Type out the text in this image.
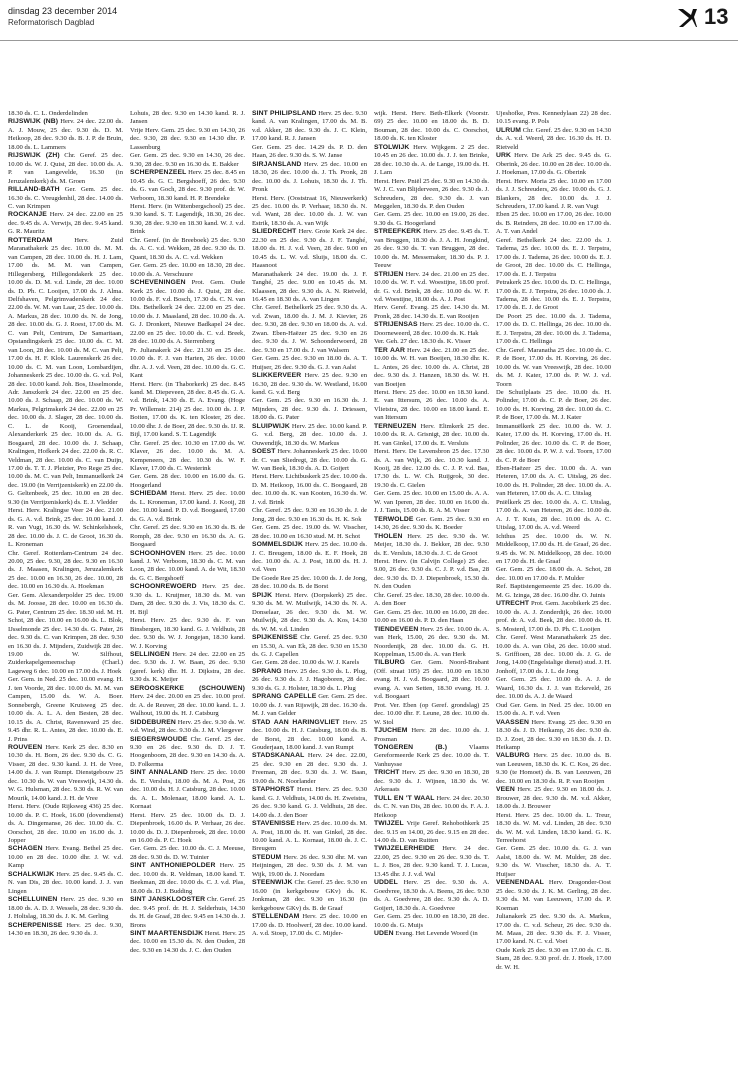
dinsdag 23 december 2014
Reformatorisch Dagblad	13

18.30 ds. C. L. Onderdelinden

RIJSWIJK (NB) Herv. 24 dec. 22.00 ds. A. J. Mouw, 25 dec. 9.30 ds. D. M. Heikoop, 28 dec. 9.30 ds. B. J. P. de Bruin, 18.00 ds. L. Lammers

RIJSWIJK (ZH) Chr. Geref. 25 dec. 10.00 ds. W. J. Quist, 28 dec. 10.00 ds. A. P. van Langevelde, 16.30 (in Jeruzalemkerk) ds. M. Groen

RILLAND-BATH Ger. Gem. 25 dec. 16.30 ds. C. Vreugdenhil, 28 dec. 14.00 ds. C. van Krimpen

ROCKANJE Herv. 24 dec. 22.00 en 25 dec. 9.45 ds. A. Verwijs, 28 dec. 9.45 kand. G. R. Mauritz

ROTTERDAM	Herv. Zuid Maranathakerk 25 dec. 10.00 ds. M. M. van Campen, 28 dec. 10.00 ds. H. J. Lam, 17.00 ds. M. M. van Campen, Hillegersberg, Hillegondakerk 25 dec. 10.00 ds. D. M. v.d. Linde, 28 dec. 10.00 ds. D. Ph. C. Looijen, 17.00 ds. J. Alma. Delfshaven, Pelgrimvaderskerk 24 dec. 22.00 ds. W. M. van Laar, 25 dec. 10.00 ds. A. Markus, 28 dec. 10.00 ds. N. de Jong, 28 dec. 10.00 ds. G. J. Roest, 17.00 ds. M. C. van Pelt, Centrum, De Samaritaan, Opstandingskerk 25 dec. 10.00 ds. C. M. van Loon, 28 dec. 10.00 ds. M. C. van Pelt, 17.00 ds. H. F. Klok. Laurenskerk 26 dec. 10.00 ds. C. M. van Loon, Lombardijen, Johanneskerk 25 dec. 10.00 ds. G. v.d. Pol, 28 dec. 10.00 kand. Joh. Bos, IJsselmonde, Adr. Janszkerk 24 dec. 22.00 en 25 dec. 10.00 ds. J. Schaap, 28 dec. 10.00 ds. W. Markus, Pelgrimskerk 24 dec. 22.00 en 25 dec. 10.00 ds. J. Slager, 28 dec. 10.00 ds. C. L. de Kooij, Groenendaal, Alexanderkerk 25 dec. 10.00 ds. A. G. Bosgaard, 28 dec. 10.00 ds. J. Schaap, Kralingen, Hofkerk 24 dec. 22.00 ds. R. C. Veldman, 28 dec. 10.00 ds. C. van Duijn, 17.00 ds. T. T. J. Pleizier, Pro Rege 25 dec. 10.00 ds. M. C. van Pelt, Immanuelkerk 24 dec. 19.00 (in Verrijzeniskerk) en 22.00 ds. G. Geltenbeek, 25 dec. 10.00 en 28 dec. 9.30 (in Verrijzeniskerk) ds. E. J. Vledder

Herst. Herv. Kralingse Veer 24 dec. 21.00 ds. G. A. v.d. Brink, 25 dec. 10.00 kand. J. R. van Vugt, 16.30 ds. W. Schinkelshoek, 28 dec. 10.00 ds. J. C. de Groot, 16.30 ds. L. Kroneman

Chr. Geref. Rotterdam-Centrum 24 dec. 20.00, 25 dec. 9.30, 28 dec. 9.30 en 16.30 ds. J. Maasen, Kralingen, Jeruzalemkerk 25 dec. 10.00 en 16.30, 26 dec. 10.00, 28 dec. 10.00 en 16.30 ds. A. Hoekman

Ger. Gem. Alexanderpolder 25 dec. 19.00 ds. M. Joosse, 28 dec. 10.00 en 16.30 ds. G. Pater, Centrum 25 dec. 18.30 std. M. H. Schot, 28 dec. 10.00 en 16.00 ds. L. Blok, IJsselmonde 25 dec. 14.30 ds. G. Pater, 26 dec. 9.30 ds. C. van Krimpen, 28 dec. 9.30 en 16.30 ds. J. Mijnders, Zuidwijk 28 dec. 19.00 ds. W. Silfhout, Zuiderkapelgemeenschap (Charl.) Lageweg 6 dec. 10.00 en 17.00 ds. J. Hoek

Ger. Gem. in Ned. 25 dec. 10.00 evang. H. J. ten Voorde, 28 dec. 10.00 ds. M. M. van Campen, 15.00 ds. W. A. Boer. Sonnebergh, Greene Kruisweg 25 dec. 10.00 ds. A. L. A. den Besten, 28 dec. 10.15 ds. A. Christ, Ravensward 25 dec. 9.45 dhr. R. L. Antes, 28 dec. 10.00 ds. E. J. Prins

ROUVEEN Herv. Kerk 25 dec. 8.30 en 10.30 ds. H. Born, 26 dec. 9.30 ds. C. G. Visser, 28 dec. 9.30 kand. J. H. de Vree, 14.00 ds. J. van Rumpt. Dienstgebouw 25 dec. 10.30 ds. W. van Vreeswijk, 14.30 ds. W. G. Hulsman, 28 dec. 9.30 ds. R. W. van Mourik, 14.00 kand. J. H. de Vree

Herst. Herv. (Oude Rijksweg 436) 25 dec. 10.00 ds. P. C. Hoek, 16.00 (dovendienst) ds. A. Dingemanse, 26 dec. 10.00 ds. C. Oorschot, 28 dec. 10.00 en 16.00 ds. J. Jopper

SCHAGEN Herv. Evang. Bethel 25 dec. 10.00 en 28 dec. 10.00 dhr. J. W. v.d. Kamp

SCHALKWIJK Herv. 25 dec. 9.45 ds. C. N. van Dis, 28 dec. 10.00 kand. J. J. van Lingen

SCHELLUINEN Herv. 25 dec. 9.30 en 18.00 ds. A. D. J. Wessels, 28 dec. 9.30 ds. J. Holtslag, 18.30 ds. J. K. M. Gerling

SCHERPENISSE Herv. 25 dec. 9.30, 14.30 en 18.30, 26 dec. 9.30 ds. J.

Lohuis, 28 dec. 9.30 en 14.30 kand. R. J. Jansen

Vrije Herv. Gem. 25 dec. 9.30 en 14.30, 26 dec. 9.30, 28 dec. 9.30 en 14.30 dhr. P. Lassenburg

Ger. Gem. 25 dec. 9.30 en 14.30, 26 dec. 9.30, 28 dec. 9.30 en 16.30 ds. E. Bakker

SCHERPENZEEL Herv. 25 dec. 8.45 en 10.45 ds. G. C. Bergshoeff, 26 dec. 9.30 ds. G. van Goch, 28 dec. 9.30 prof. dr. W. Verboom, 18.30 kand. H. P. Brendeke

Herst. Herv. (in Wittenbergschool) 25 dec. 9.30 kand. S. T. Lagendijk, 18.30, 26 dec. 9.30, 28 dec. 9.30 en 18.30 kand. W. J. v.d. Brink

Chr. Geref. (in de Breeboek) 25 dec. 9.30 ds. A. C. v.d. Wekken, 28 dec. 9.30 ds. D. Quant, 18.30 ds. A. C. v.d. Wekken

Ger. Gem. 25 dec. 10.00 en 18.30, 28 dec. 10.00 ds. A. Verschuure

SCHEVENINGEN Prot. Gem. Oude Kerk 25 dec. 10.00 ds. J. Quist, 28 dec. 10.00 ds. F. v.d. Bosch, 17.30 ds. C. N. van Dis. Bethelkerk 24 dec. 22.00 en 25 dec. 10.00 ds. J. Maasland, 28 dec. 10.00 ds. A. G. J. Dronkert, Nieuwe Badkapel 24 dec. 22.00 en 25 dec. 10.00 ds. C. v.d. Breek, 28 dec. 10.00 ds. A. Sterrenberg

Pr. Julianakerk 24 dec. 21.30 en 25 dec. 10.00 ds. F. J. van Harten, 26 dec. 10.00 dhr. A. J. v.d. Veen, 28 dec. 10.00 ds. G. C. Kant

Herst. Herv. (in Thaborkerk) 25 dec. 8.45 kand. M. Diepeveen, 28 dec. 8.45 ds. G. A. v.d. Brink, 14.30 ds. E. A. Evang. (Hoge Pr. Willemstr. 214) 25 dec. 10.00 ds. J. P. Boiten, 17.00 ds. K. ten Kloster, 26 dec. 10.00 dhr. J. de Boer, 28 dec. 9.30 ds. IJ. R. Bijl, 17.00 kand. S. T. Lagendijk

Chr. Geref. 25 dec. 10.30 en 17.00 ds. W. Klaver, 26 dec. 10.00 ds. M. A. Kempeneers, 28 dec. 10.30 ds. W. F. Klaver, 17.00 ds. C. Westerink

Ger. Gem. 28 dec. 10.00 en 16.00 ds. G. Hoogerland

SCHIEDAM Herst. Herv. 25 dec. 10.00 ds. L. Kroneman, 17.00 kand. J. Kooij, 28 dec. 10.00 kand. P. D. v.d. Boogaard, 17.00 ds. G. A. v.d. Brink

Chr. Geref. 25 dec. 9.30 en 16.30 ds. B. de Romph, 28 dec. 9.30 en 16.30 ds. A. G. Boogaard

SCHOONHOVEN Herv. 25 dec. 10.00 kand. J. W. Verboom, 18.30 ds. C. M. van Loon, 28 dec. 10.00 kand. A. de Wit, 18.30 ds. G. C. Bergshoeff

SCHOONREWOERD Herv. 25 dec. 9.30 ds. L. Kruijmer, 18.30 ds. M. van Dam, 28 dec. 9.30 ds. J. Vis, 18.30 ds. C. H. Bijl

Herst. Herv. 25 dec. 9.30 ds. F. van Binsbergen, 18.30 kand. G. J. Veldhuis, 28 dec. 9.30 ds. W. J. Jongejan, 18.30 kand. W. J. Korving

SELLINGEN Herv. 24 dec. 22.00 en 25 dec. 9.30 ds. J. W. Baan, 26 dec. 9.30 (geref. kerk) dhr. H. J. Dijkstra, 28 dec. 9.30 ds. K. Meijer

SEROOSKERKE (SCHOUWEN) Herv. 24 dec. 20.00 en 25 dec. 10.00 prof. dr. A. de Reuver, 28 dec. 10.00 kand. L. J. Walhout, 19.00 ds. H. J. Catsburg

SIDDEBUREN Herv. 25 dec. 9.30 ds. W. v.d. Wind, 28 dec. 9.30 ds. J. M. Vlergever

SIEGERSWOUDE Chr. Geref. 25 dec. 9.30 en 26 dec. 9.30 ds. D. J. T. Hoogenboom, 28 dec. 9.30 en 14.30 ds. A. D. Folkerma

SINT ANNALAND Herv. 25 dec. 10.00 ds. E. Versluis, 18.00 ds. M. A. Post, 26 dec. 10.00 ds. H. J. Catsburg, 28 dec. 10.00 ds. A. L. Molenaar, 18.00 kand. A. L. Kornaat

Herst. Herv. 25 dec. 10.00 ds. D. J. Diepenbroek, 16.00 ds. P. Verhaar, 26 dec. 10.00 ds. D. J. Diepenbroek, 28 dec. 10.00 en 16.00 ds. P. C. Hoek

Ger. Gem. 25 dec. 10.00 ds. C. J. Meeuse, 28 dec. 9.30 ds. D. W. Tuinier

SINT ANTHONIEPOLDER Herv. 25 dec. 10.00 ds. R. Veldman, 18.00 kand. T. Beekman, 28 dec. 10.00 ds. C. J. v.d. Plas, 18.00 ds. D. J. Budding

SINT JANSKLOOSTER Chr. Geref. 25 dec. 9.45 prof. dr. H. J. Selderhuis, 14.30 ds. H. de Graaf, 28 dec. 9.45 en 14.30 ds. J. Brons

SINT MAARTENSDIJK Herst. Herv. 25 dec. 10.00 en 15.30 ds. N. den Ouden, 28 dec. 9.30 en 14.30 ds. J. C. den Ouden

SINT PHILIPSLAND Herv. 25 dec. 9.30 kand. A. van Kralingen, 17.00 ds. M. B. v.d. Akker, 28 dec. 9.30 ds. J. C. Klein, 17.00 kand. R. J. Jansen

Ger. Gem. 25 dec. 14.29 ds. P. D. den Haan, 26 dec. 9.30 ds. S. W. Janse

SIRJANSLAND Herv. 25 dec. 10.00 en 18.30, 26 dec. 10.00 ds. J. Th. Pronk, 28 dec. 10.00 ds. J. Lohuis, 18.30 ds. J. Th. Pronk

Herst. Herv. (Ooststraat 16, Nieuwerkerk) 25 dec. 10.00 ds. P. Verhaar, 18.30 ds. N. v.d. Want, 28 dec. 10.00 ds. J. W. van Estrik, 18.30 ds. A. van Wijk

SLIEDRECHT Herv. Grote Kerk 24 dec. 22.30 en 25 dec. 9.30 ds. J. F. Tanghé, 18.00 ds. H. J. v.d. Veen, 28 dec. 9.00 en 10.45 ds. L. W. v.d. Sluijs, 18.00 ds. C. Haasnoot

Maranathakerk 24 dec. 19.00 ds. J. F. Tanghé, 25 dec. 9.00 en 10.45 ds. M. Klaassen, 28 dec. 9.30 ds. A. N. Rietveld, 16.45 en 18.30 ds. A. van Lingen

Chr. Geref. Bethelkerk 25 dec. 9.30 ds. A. v.d. Zwan, 18.00 ds. J. M. J. Kievier, 26 dec. 9.30, 28 dec. 9.30 en 18.00 ds. A. v.d. Zwan. Eben-Haëzer 25 dec. 9.30 en 26 dec. 9.30 ds. J. W. Schoonderwoerd, 28 dec. 9.30 en 17.00 ds. J. van Walsem

Ger. Gem. 25 dec. 9.30 en 18.00 ds. A. T. Huijser, 26 dec. 9.30 ds. G. J. van Aalst

SLIKKERVEER Herv. 25 dec. 9.30 en 16.30, 28 dec. 9.30 ds. W. Westland, 16.00 kand. G. v.d. Berg

Ger. Gem. 25 dec. 9.30 en 16.30 ds. J. Mijnders, 28 dec. 9.30 ds. J. Driessen, 18.00 ds. G. Pater

SLUIPWIJK Herv. 25 dec. 10.00 kand. P. G. v.d. Berg, 28 dec. 10.00 ds. J. Ouwendijk, 18.30 ds. W. Markus

SOEST Herv. Johanneskerk 25 dec. 10.00 dr. C. van Sliedregt, 28 dec. 10.00 ds. G. W. van Beek, 18.30 ds. A. D. Goijert

Herst. Herv. Lichtbuskerk 25 dec. 10.00 ds. D. M. Heikoop, 16.00 ds. C. Boogaard, 28 dec. 10.00 ds. K. van Kooten, 16.30 ds. W. J. v.d. Brink

Chr. Geref. 25 dec. 9.30 en 16.30 ds. J. de Jong, 28 dec. 9.30 en 16.30 ds. H. K. Sok

Ger. Gem. 25 dec. 19.00 ds. W. Visscher, 28 dec. 10.00 en 16.30 stud. M. H. Schot

SOMMELSDIJK Herv. 25 dec. 10.00 ds. J. C. Breugem, 18.00 ds. E. F. Hoek, 28 dec. 10.00 ds. A. J. Post, 18.00 ds. H. J. v.d. Veen

De Goede Ree 25 dec. 10.00 ds. J. de Jong, 28 dec. 10.00 ds. B. de Borst

SPIJK Herst. Herv. (Dorpskerk) 25 dec. 9.30 ds. M. W. Muilwijk, 14.30 ds. N. A. Donselaar, 26 dec. 9.30 ds. M. W. Muilwijk, 28 dec. 9.30 ds. A. Kos, 14.30 ds. W. M. v.d. Linden

SPIJKENISSE Chr. Geref. 25 dec. 9.30 en 15.30, A. van Ek, 28 dec. 9.30 en 15.30 ds. G. J. Capellen

Ger. Gem. 28 dec. 10.00 ds. W. J. Karels

SPRANG Herv. 25 dec. 9.30 ds. L. Plug, 26 dec. 9.30 ds. J. J. Hagoboren, 28 dec. 9.30 ds. G. J. Holster, 18.30 ds. L. Plug

SPRANG CAPELLE Ger. Gem. 25 dec. 10.00 ds. J. van Rijswijk, 28 dec. 16.30 ds. M. J. van Gelder

STAD AAN HARINGVLIET Herv. 25 dec. 10.00 ds. H. J. Catsburg, 18.00 ds. B. de Borst, 28 dec. 10.00 kand. A. Gouderjaan, 18.00 kand. J. van Rumpt

STADSKANAAL Herv. 24 dec. 22.00, 25 dec. 9.30 en 28 dec. 9.30 ds. J. Freeman, 28 dec. 9.30 ds. J. W. Baan, 19.00 ds. N. Noorlander

STAPHORST Herst. Herv. 25 dec. 9.30 kand. G. J. Veldhuis, 14.00 ds. H. Zweistra, 26 dec. 9.30 kand. G. J. Veldhuis, 28 dec. 14.00 ds. J. den Boer

STAVENISSE Herv. 25 dec. 10.00 ds. M. A. Post, 18.00 ds. H. van Ginkel, 28 dec. 10.00 kand. A. L. Kornaat, 18.00 ds. J. C. Breugem

STEDUM Herv. 26 dec. 9.30 dhr. M. van Heijningen, 28 dec. 9.30 ds. J. M. van Wijk, 19.00 ds. J. Noordam

STEENWIJK Chr. Geref. 25 dec. 9.30 en 16.00 (in kerkgebouw GKv) ds. K. Jonkman, 28 dec. 9.30 en 16.30 (in kerkgebouw GKv) ds. B. de Graaf

STELLENDAM Herv. 25 dec. 10.00 en 17.00 ds. D. Hoolwerf, 28 dec. 10.00 kand. A. v.d. Stoep, 17.00 ds. C. Mijder-

wijk. Herst. Herv. Beth-Elkerk (Voorstr. 69) 25 dec. 10.00 en 18.00 ds. B. D. Bouman, 28 dec. 10.00 ds. C. Oorschot, 18.00 ds. K. ten Kloster

STOLWIJK Herv. Wijkgem. 2 25 dec. 10.45 en 26 dec. 10.00 ds. J. J. ten Brinke, 28 dec. 10.30 ds. A. de Lange, 19.00 ds. H. J. Lam

Herst. Herv. Pniël 25 dec. 9.30 en 14.30 ds. W. J. C. van Blijderveen, 26 dec. 9.30 ds. J. Schreuders, 28 dec. 9.30 ds. J. van Meggelen, 18.30 ds. P. den Ouden

Ger. Gem. 25 dec. 10.00 en 19.00, 26 dec. 9.30 ds. G. Hoogerland

STREEFKERK Herv. 25 dec. 9.45 ds. T. van Bruggen, 18.30 ds. J. A. H. Jongkind, 26 dec. 9.30 ds. T. van Bruggen, 28 dec. 10.00 ds. M. Messemaker, 18.30 ds. P. J. Teeuw

STRIJEN Herv. 24 dec. 21.00 en 25 dec. 10.00 ds. W. F. v.d. Woestijne, 18.00 prof. dr. G. v.d. Brink, 28 dec. 10.00 ds. W. F. v.d. Woestijne, 18.00 ds. A. J. Post

Herv. Geref. Evang. 25 dec. 14.30 ds. M. Pronk, 28 dec. 14.30 ds. E. van Rooijen

STRIJENSAS Herv. 25 dec. 10.00 ds. C. Doorneweerd, 28 dec. 10.00 ds. K. Hak

Ver. Geh. 27 dec. 18.30 ds. K. Visser

TER AAR Herv. 24 dec. 21.00 en 25 dec. 10.00 ds. W. H. van Boeijen, 18.30 dhr. K. L. Antes, 26 dec. 10.00 ds. A. Christ, 28 dec. 9.30 ds. J. Hanzen, 18.30 ds. W. H. van Boeijen

Herst. Herv. 25 dec. 10.00 en 18.30 kand. E. van Ittersum, 26 dec. 10.00 ds. A. Vlietstra, 28 dec. 10.00 en 18.00 kand. E. van Ittersum

TERNEUZEN Herv. Elimkerk 25 dec. 10.00 ds. R. A. Grisnigt, 28 dec. 10.00 ds. H. van Ginkel, 17.00 ds. E. Versluis

Herst. Herv. De Levensbron 25 dec. 17.30 ds. A. van Wijk, 26 dec. 10.30 kand. J. Kooij, 28 dec. 12.00 ds. C. J. P. v.d. Bas, 17.30 ds. L. W. Ch. Ruijgrok, 30 dec. 19.30 ds. C. Gielen

Ger. Gem. 25 dec. 10.00 en 15.00 ds. A. A. W. van Iperen, 28 dec. 10.00 en 16.00 ds. J. J. Tanis, 15.00 ds. R. A. M. Visser

TERWOLDE Ger. Gem. 25 dec. 9.30 en 14.30, 26 dec. 9.30 ds. K. Boeder

THOLEN Herv. 25 dec. 9.30 ds. W. Meijer, 18.30 ds. J. Bekker, 28 dec. 9.30 ds. E. Versluis, 18.30 ds. J. C. de Groot

Herst. Herv. (in Calvijn College) 25 dec. 9.00, 26 dec. 9.30 ds. C. J. P. v.d. Bas, 28 dec. 9.30 ds. D. J. Diepenbroek, 15.30 ds. N. den Ouden

Chr. Geref. 25 dec. 18.30, 28 dec. 10.00 ds. A. den Boer

Ger. Gem. 25 dec. 10.00 en 16.00, 28 dec. 10.00 en 16.00 ds. P. D. den Haan

TIENDEVEEN Herv. 25 dec. 10.00 ds. A. van Herk, 15.00, 26 dec. 9.30 ds. M. Noordenijk, 28 dec. 10.00 ds. G. H. Koppelman, 15.00 ds. A. van Herk

TILBURG Ger. Gem. Noord-Brabant (Off. straat 105) 25 dec. 10.00 en 18.30 evang. H. J. v.d. Boogaard, 28 dec. 10.00 evang. A. van Setten, 18.30 evang. H. J. v.d. Boogaart

Prot. Ver. Eben (op Geref. grondslag) 25 dec. 10.00 dhr. F. Leune, 28 dec. 10.00 ds. W. Stol

TJUCHEM Herv. 28 dec. 10.00 ds. J. Prosman

TONGEREN (B.)	Vlaams Gereformeerde Kerk 25 dec. 10.00 ds. T. Vanhuysse

TRICHT Herv. 25 dec. 9.30 en 18.30, 28 dec. 9.30 ds. J. Wijnen, 18.30 ds. W. Arkeraats

TULL EN 'T WAAL Herv. 24 dec. 20.30 ds. C. N. van Dis, 28 dec. 10.00 ds. F. A. J. Heikoop

TWIJZEL Vrije Geref. Rehobothkerk 25 dec. 9.15 en 14.00, 26 dec. 9.15 en 28 dec. 14.00 ds. D. van Ruitten

TWIJZELERHEIDE Herv. 24 dec. 22.00, 25 dec. 9.30 en 26 dec. 9.30 ds. T. L. J. Bos, 28 dec. 9.30 kand. T. J. Lucas, 13.45 dhr. J. J. v.d. Wal

UDDEL Herv. 25 dec. 9.30 ds. A. Goedvree, 18.30 ds. A. Beens, 26 dec. 9.30 ds. A. Goedvree, 28 dec. 9.30 ds. A. D. Goijert, 18.30 ds. A. Goedvree

Ger. Gem. 25 dec. 10.00 en 18.30, 28 dec. 10.00 ds. G. Muijs

UDEN Evang. Het Levende Woord (in

Ujeshofke, Pres. Kennedylaan 22) 28 dec. 10.15 evang. P. Pols

ULRUM Chr. Geref. 25 dec. 9.30 en 14.30 ds. A. v.d. Weerd, 28 dec. 16.30 ds. H. D. Rietveld

URK Herv. De Ark 25 dec. 9.45 ds. G. Oberink, 26 dec. 10.00 en 28 dec. 10.00 ds. J. Hoekman, 17.00 ds. G. Oberink

Herst. Herv. Moria 25 dec. 10.00 en 17.00 ds. J. J. Schreuders, 26 dec. 10.00 ds. G. J. Blankers, 28 dec. 10.00 ds. J. J. Schreuders, 17.00 kand. J. R. van Vugt

Eben 25 dec. 10.00 en 17.00, 26 dec. 10.00 ds. B. Reinders, 28 dec. 10.00 en 17.00 ds. A. T. van Andel

Geref. Bethelkerk 24 dec. 22.00 ds. J. Tadema, 25 dec. 10.00 ds. E. J. Terpstra, 17.00 ds. J. Tadema, 26 dec. 10.00 ds. E. J. de Groot, 28 dec. 10.00 ds. C. Hellinga, 17.00 ds. E. J. Terpstra

Petrakerk 25 dec. 10.00 ds. D. C. Hellinga, 17.00 ds. E. J. Terpstra, 26 dec. 10.00 ds. J. Tadema, 28 dec. 10.00 ds. E. J. Terpstra, 17.00 ds. E. J. de Groot

De Poort 25 dec. 10.00 ds. J. Tadema, 17.00 ds. D. C. Hellinga, 26 dec. 10.00 ds. E. J. Terpstra, 28 dec. 10.00 ds. J. Tadema, 17.00 ds. C. Hellinga

Chr. Geref. Maranatha 25 dec. 10.00 ds. C. P. de Boer, 17.00 ds. H. Korving, 26 dec. 10.00 ds. W. van Vreeswijk, 28 dec. 10.00 ds. M. J. Kater, 17.00 ds. P. W. J. v.d. Toorn

De Schuilplaats 25 dec. 10.00 ds. H. Polinder, 17.00 ds. C. P. de Boer, 26 dec. 10.00 ds. H. Korving, 28 dec. 10.00 ds. C. P. de Boer, 17.00 ds. M. J. Kater

Immanuëlkerk 25 dec. 10.00 ds. W. J. Kater, 17.00 ds. H. Korving, 17.00 ds. H. Polinder, 26 dec. 10.00 ds. C. P. de Boer, 28 dec. 10.00 ds. P. W. J. v.d. Toorn, 17.00 ds. C. P. de Boer

Eben-Haëzer 25 dec. 10.00 ds. A. van Heteren, 17.00 ds. A. C. Uitslag, 26 dec. 10.00 ds. H. Polinder, 28 dec. 10.00 ds. A. van Heteren, 17.00 ds. A. C. Uitslag

Pniëlkerk 25 dec. 10.00 ds. A. C. Uitslag, 17.00 ds. A. van Heteren, 26 dec. 10.00 ds. A. J. T. Kuis, 28 dec. 10.00 ds. A. C. Uitslag, 17.00 ds. A. v.d. Weerd

Ichthus 25 dec. 10.00 ds. W. N. Middelkoop, 17.00 ds. H. de Graaf, 26 dec. 9.45 ds. W. N. Middelkoop, 28 dec. 10.00 en 17.00 ds. H. de Graaf

Ger. Gem. 25 dec. 18.00 ds. A. Schot, 28 dec. 10.00 en 17.00 ds. F. Mulder

Ref. Baptistengemeente 25 dec. 16.00 ds. M. G. Izinga, 28 dec. 16.00 dhr. O. Juinis

UTRECHT Prot. Gem. Jacobikerk 25 dec. 10.00 ds. A. J. Zonderdijk, 26 dec. 10.00 prof. dr. A. v.d. Beek, 28 dec. 10.00 ds. H. S. Mosterd, 17.00 ds. D. Ph. C. Looijen

Chr. Geref. West Maranathakerk 25 dec. 10.00 ds. A. van Olst, 26 dec. 10.00 stud. S. Griffioen, 28 dec. 10.00 ds. J. G. de Jong, 14.00 (Engelstalige dienst) stud. J. H. Jonhoff, 17.00 ds. J. L. de Jong

Ger. Gem. 25 dec. 10.00 ds. A. J. de Waard, 16.30 ds. J. J. van Eckeveld, 26 dec. 10.00 ds. A. J. de Waard

Oud Ger. Gem. in Ned. 25 dec. 10.00 en 15.00 ds. A. F. v.d. Veen

VAASSEN Herv. Evang. 25 dec. 9.30 en 18.30 ds. J. D. Heikamp, 26 dec. 9.30 ds. D. J. Zoet, 28 dec. 9.30 en 18.30 ds. J. D. Heikamp

VALBURG Herv. 25 dec. 10.00 ds. B. van Leeuwen, 18.30 ds. K. C. Kos, 26 dec. 9.30 (te Homoet) ds. B. van Leeuwen, 28 dec. 10.00 en 18.30 ds. R. P. van Rooijen

VEEN Herv. 25 dec. 9.30 en 18.00 ds. J. Brouwer, 28 dec. 9.30 ds. M. v.d. Akker, 18.00 ds. J. Brouwer

Herst. Herv. 25 dec. 10.00 ds. L. Treur, 18.30 ds. W. M. v.d. Linden, 28 dec. 9.30 ds. W. M. v.d. Linden, 18.30 kand. G. K. Terreehorst

Ger. Gem. 25 dec. 10.00 ds. G. J. van Aalst, 18.00 ds. W. M. Mulder, 28 dec. 9.30 ds. W. Visscher, 18.30 ds. A. T. Huijser

VEENENDAAL Herv. Dragonder-Oost 25 dec. 9.30 ds. J. K. M. Gerling, 28 dec. 9.30 ds. M. van Leeuwen, 17.00 ds. P. Koeman

Julianakerk 25 dec. 9.30 ds. A. Markus, 17.00 ds. C. v.d. Scheur, 26 dec. 9.30 ds. M. Maas, 28 dec. 9.30 ds. F. J. Visser, 17.00 kand. N. C. v.d. Voet

Oude Kerk 25 dec. 9.30 en 17.00 ds. C. B. Stam, 28 dec. 9.30 prof. dr. J. Hoek, 17.00 dr. W. H.
